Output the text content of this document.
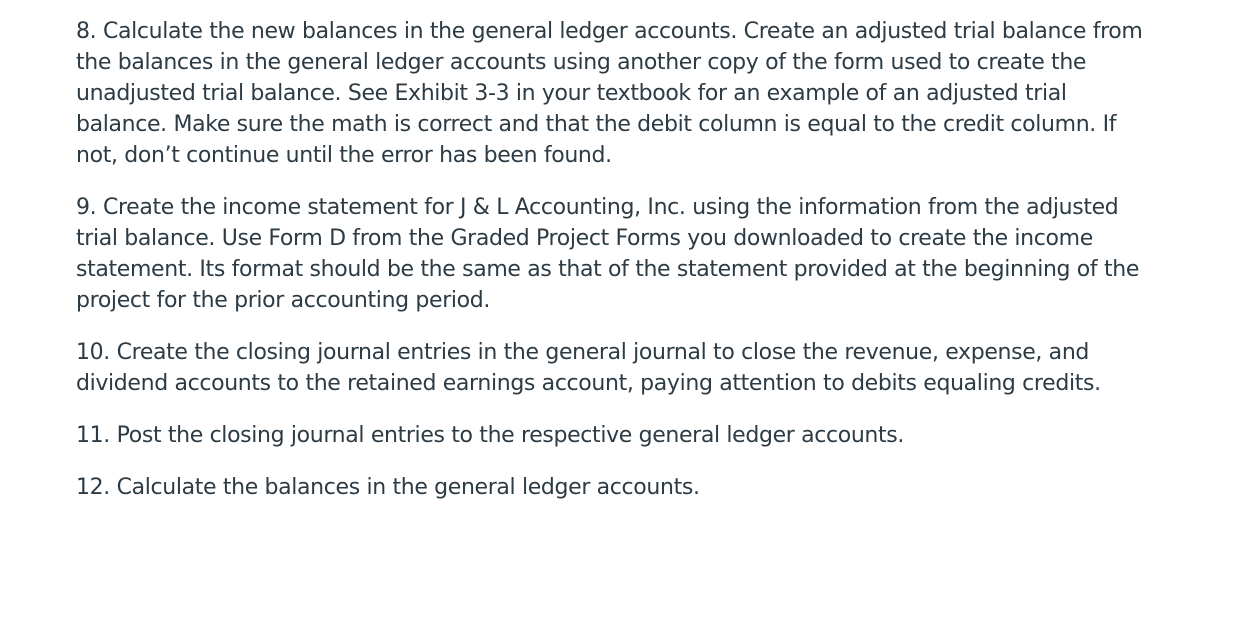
8. Calculate the new balances in the general ledger accounts. Create an adjusted trial balance from the balances in the general ledger accounts using another copy of the form used to create the unadjusted trial balance. See Exhibit 3-3 in your textbook for an example of an adjusted trial balance. Make sure the math is correct and that the debit column is equal to the credit column. If not, don’t continue until the error has been found.

9. Create the income statement for J & L Accounting, Inc. using the information from the adjusted trial balance. Use Form D from the Graded Project Forms you downloaded to create the income statement. Its format should be the same as that of the statement provided at the beginning of the project for the prior accounting period.

10. Create the closing journal entries in the general journal to close the revenue, expense, and dividend accounts to the retained earnings account, paying attention to debits equaling credits.

11. Post the closing journal entries to the respective general ledger accounts.

12. Calculate the balances in the general ledger accounts.
